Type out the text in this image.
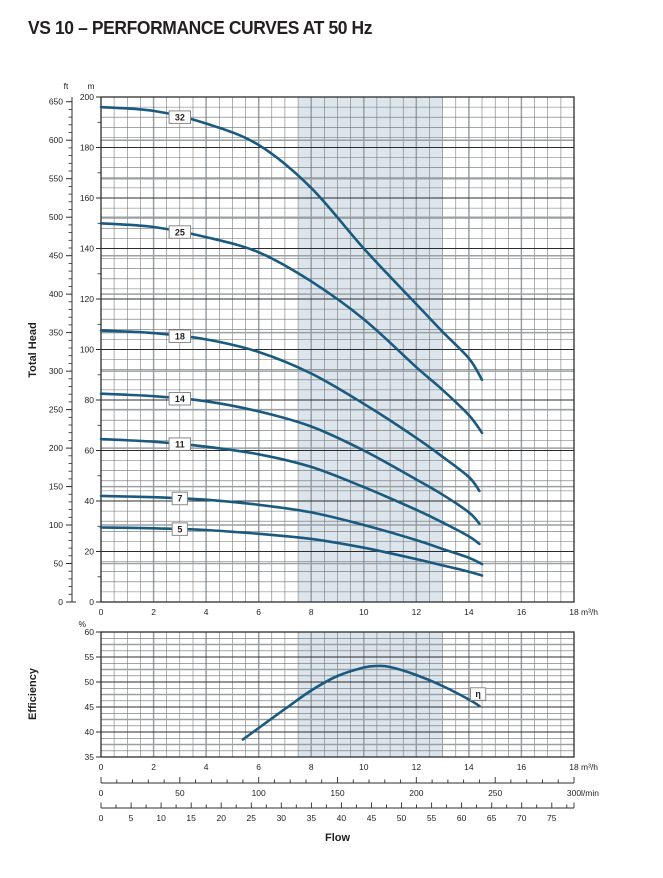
VS 10 – PERFORMANCE CURVES AT 50 Hz
32
25
18
14
11
7
5
0
50
100
150
200
250
300
350
400
450
500
550
600
650
ft
0
20
40
60
80
100
120
140
160
180
200
m
Total Head
0	2	4	6	8	10	12	14	16	18 m³/h
η
35
40
45
50
55
60
%
Efficiency
0	2	4	6	8	10	12	14	16	18 m³/h
0	50	100	150	200	250	300 l/min
0	5	10 15 20 25 30 35 40 45 50 55 60 65 70 75
Flow
